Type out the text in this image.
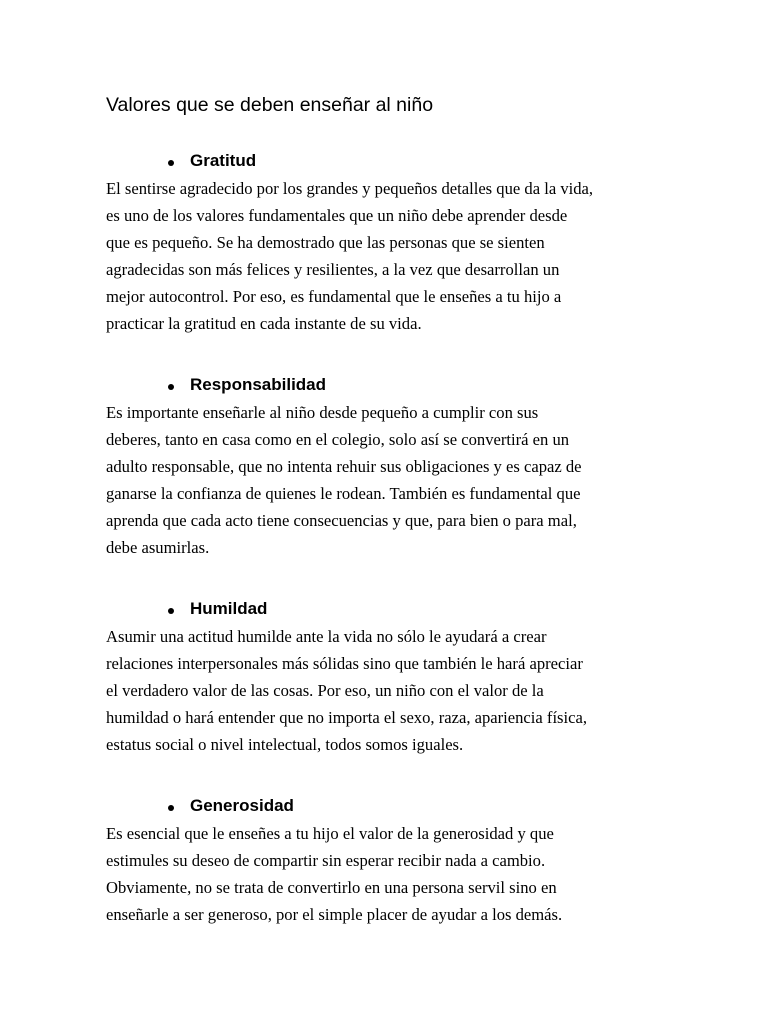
Valores que se deben enseñar al niño
Gratitud

El sentirse agradecido por los grandes y pequeños detalles que da la vida,
es uno de los valores fundamentales que un niño debe aprender desde
que es pequeño. Se ha demostrado que las personas que se sienten
agradecidas son más felices y resilientes, a la vez que desarrollan un
mejor autocontrol. Por eso, es fundamental que le enseñes a tu hijo a
practicar la gratitud en cada instante de su vida.

Responsabilidad

Es importante enseñarle al niño desde pequeño a cumplir con sus
deberes, tanto en casa como en el colegio, solo así se convertirá en un
adulto responsable, que no intenta rehuir sus obligaciones y es capaz de
ganarse la confianza de quienes le rodean. También es fundamental que
aprenda que cada acto tiene consecuencias y que, para bien o para mal,
debe asumirlas.

Humildad

Asumir una actitud humilde ante la vida no sólo le ayudará a crear
relaciones interpersonales más sólidas sino que también le hará apreciar
el verdadero valor de las cosas. Por eso, un niño con el valor de la
humildad o hará entender que no importa el sexo, raza, apariencia física,
estatus social o nivel intelectual, todos somos iguales.

Generosidad

Es esencial que le enseñes a tu hijo el valor de la generosidad y que
estimules su deseo de compartir sin esperar recibir nada a cambio.
Obviamente, no se trata de convertirlo en una persona servil sino en
enseñarle a ser generoso, por el simple placer de ayudar a los demás.
